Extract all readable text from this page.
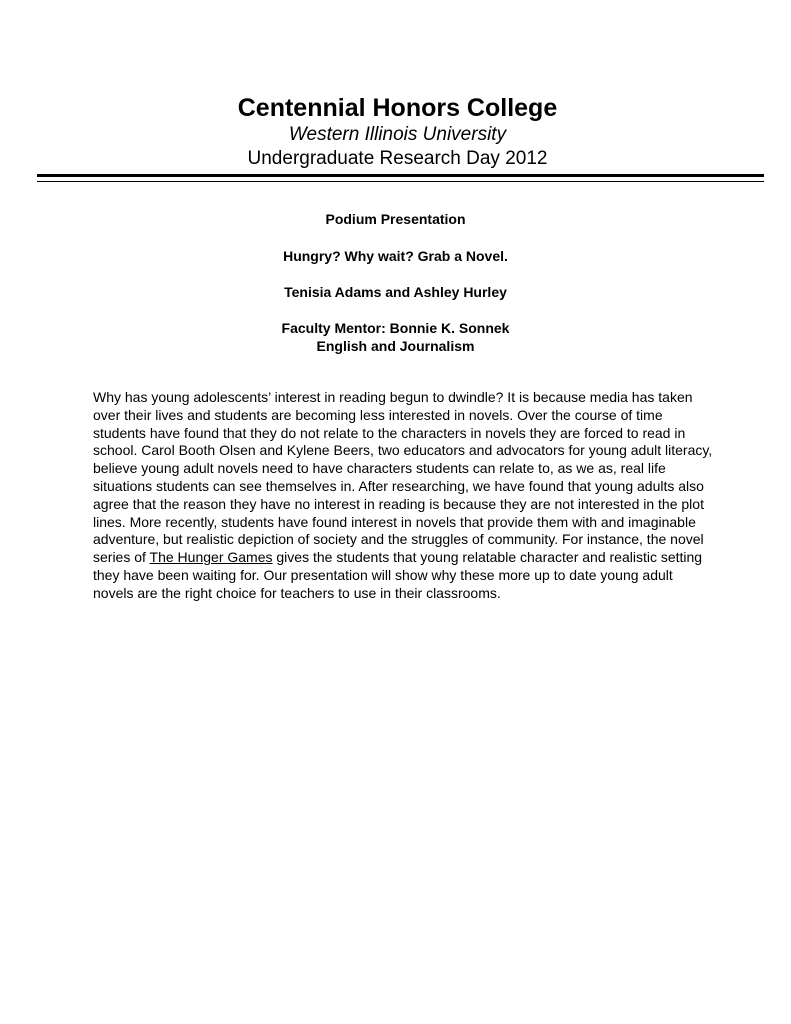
Centennial Honors College
Western Illinois University
Undergraduate Research Day 2012
Podium Presentation
Hungry? Why wait? Grab a Novel.
Tenisia Adams and Ashley Hurley
Faculty Mentor: Bonnie K. Sonnek
English and Journalism
Why has young adolescents’ interest in reading begun to dwindle? It is because media has taken over their lives and students are becoming less interested in novels. Over the course of time students have found that they do not relate to the characters in novels they are forced to read in school. Carol Booth Olsen and Kylene Beers, two educators and advocators for young adult literacy, believe young adult novels need to have characters students can relate to, as we as, real life situations students can see themselves in. After researching, we have found that young adults also agree that the reason they have no interest in reading is because they are not interested in the plot lines. More recently, students have found interest in novels that provide them with and imaginable adventure, but realistic depiction of society and the struggles of community. For instance, the novel series of The Hunger Games gives the students that young relatable character and realistic setting they have been waiting for. Our presentation will show why these more up to date young adult novels are the right choice for teachers to use in their classrooms.
